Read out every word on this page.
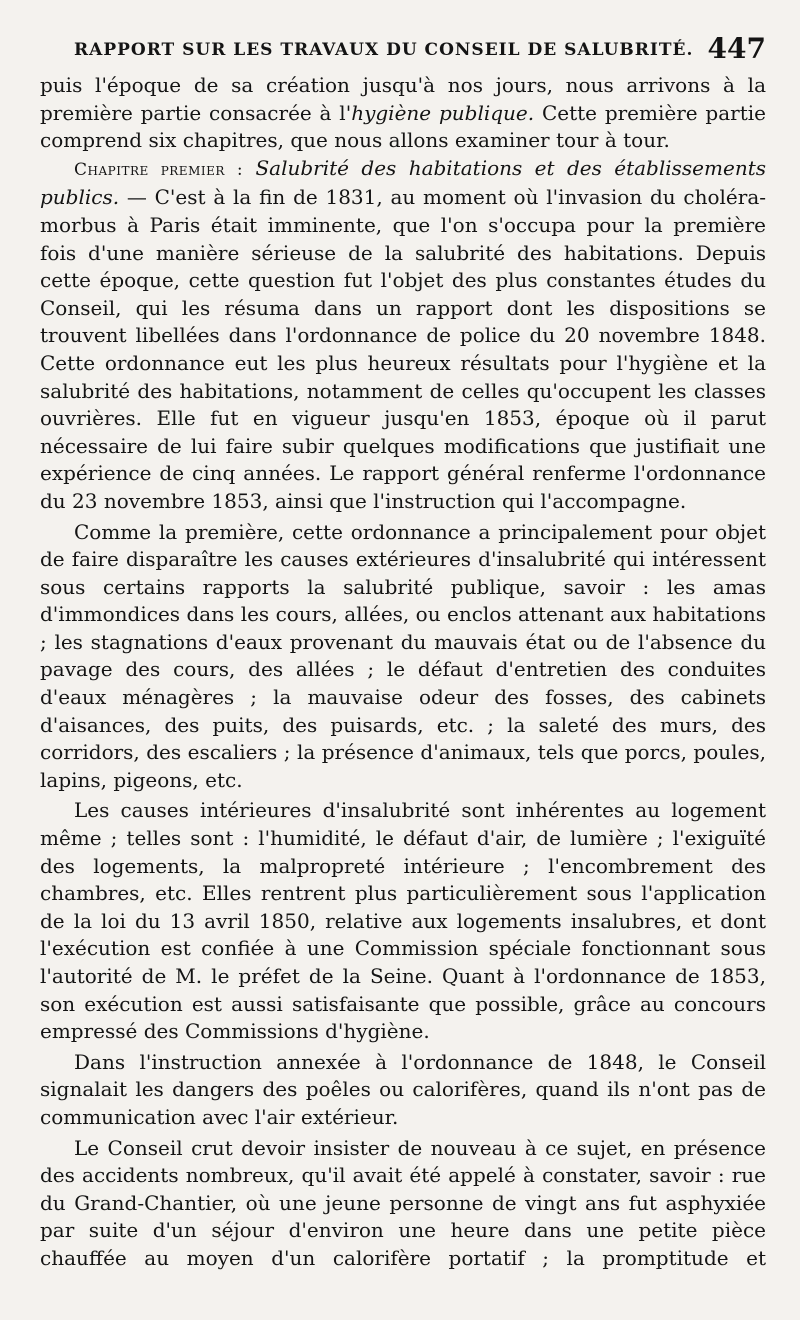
RAPPORT SUR LES TRAVAUX DU CONSEIL DE SALUBRITÉ. 447

puis l'époque de sa création jusqu'à nos jours, nous arrivons à la première partie consacrée à l'hygiène publique. Cette première partie comprend six chapitres, que nous allons examiner tour à tour.

Chapitre premier : Salubrité des habitations et des établissements publics. — C'est à la fin de 1831, au moment où l'invasion du choléra-morbus à Paris était imminente, que l'on s'occupa pour la première fois d'une manière sérieuse de la salubrité des habitations. Depuis cette époque, cette question fut l'objet des plus constantes études du Conseil, qui les résuma dans un rapport dont les dispositions se trouvent libellées dans l'ordonnance de police du 20 novembre 1848. Cette ordonnance eut les plus heureux résultats pour l'hygiène et la salubrité des habitations, notamment de celles qu'occupent les classes ouvrières. Elle fut en vigueur jusqu'en 1853, époque où il parut nécessaire de lui faire subir quelques modifications que justifiait une expérience de cinq années. Le rapport général renferme l'ordonnance du 23 novembre 1853, ainsi que l'instruction qui l'accompagne.

Comme la première, cette ordonnance a principalement pour objet de faire disparaître les causes extérieures d'insalubrité qui intéressent sous certains rapports la salubrité publique, savoir : les amas d'immondices dans les cours, allées, ou enclos attenant aux habitations ; les stagnations d'eaux provenant du mauvais état ou de l'absence du pavage des cours, des allées ; le défaut d'entretien des conduites d'eaux ménagères ; la mauvaise odeur des fosses, des cabinets d'aisances, des puits, des puisards, etc. ; la saleté des murs, des corridors, des escaliers ; la présence d'animaux, tels que porcs, poules, lapins, pigeons, etc.

Les causes intérieures d'insalubrité sont inhérentes au logement même ; telles sont : l'humidité, le défaut d'air, de lumière ; l'exiguïté des logements, la malpropreté intérieure ; l'encombrement des chambres, etc. Elles rentrent plus particulièrement sous l'application de la loi du 13 avril 1850, relative aux logements insalubres, et dont l'exécution est confiée à une Commission spéciale fonctionnant sous l'autorité de M. le préfet de la Seine. Quant à l'ordonnance de 1853, son exécution est aussi satisfaisante que possible, grâce au concours empressé des Commissions d'hygiène.

Dans l'instruction annexée à l'ordonnance de 1848, le Conseil signalait les dangers des poêles ou calorifères, quand ils n'ont pas de communication avec l'air extérieur.

Le Conseil crut devoir insister de nouveau à ce sujet, en présence des accidents nombreux, qu'il avait été appelé à constater, savoir : rue du Grand-Chantier, où une jeune personne de vingt ans fut asphyxiée par suite d'un séjour d'environ une heure dans une petite pièce chauffée au moyen d'un calorifère portatif ; la promptitude et
